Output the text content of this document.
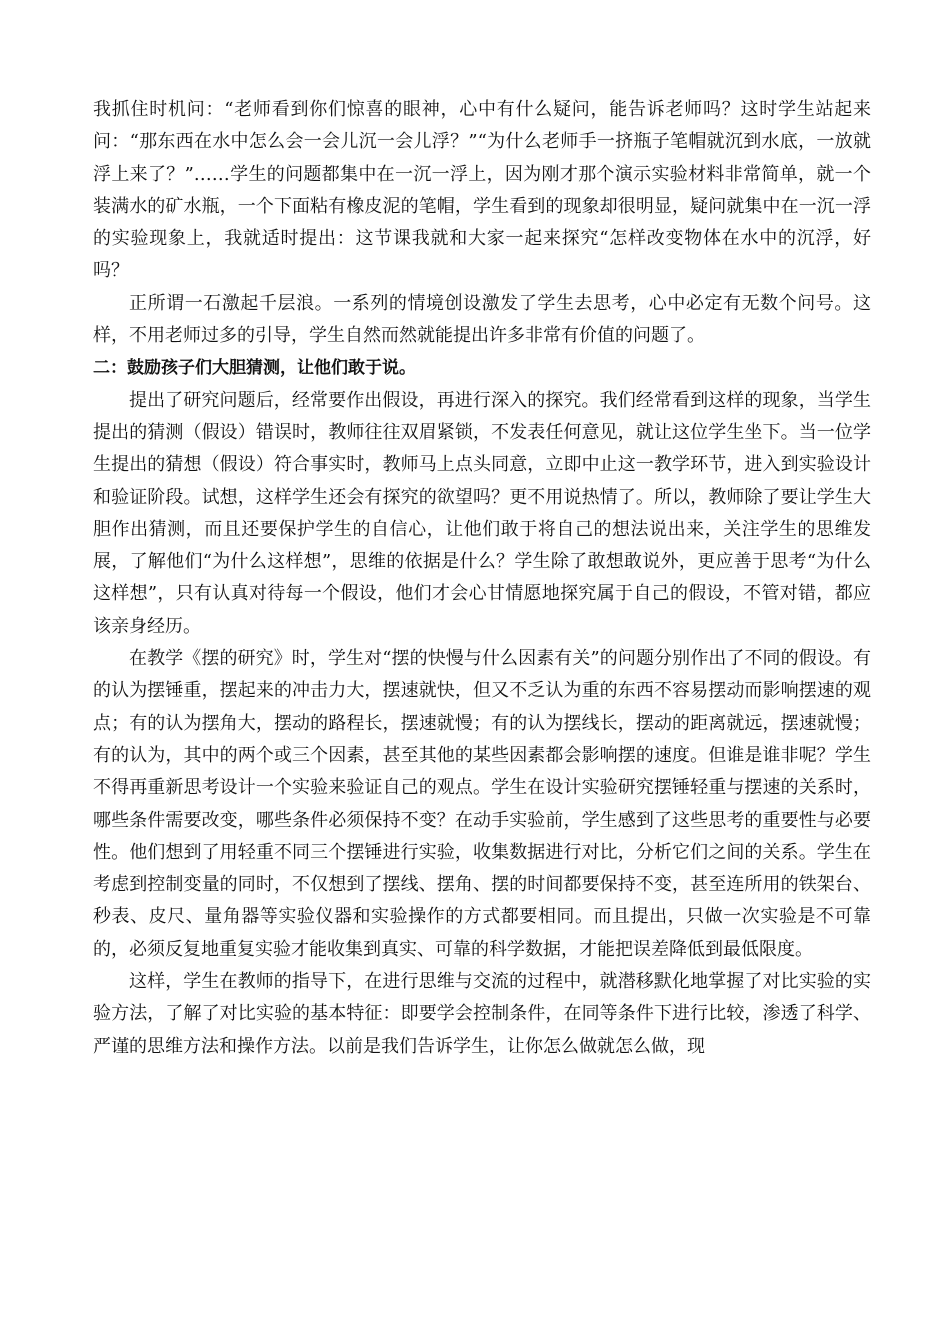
我抓住时机问：“老师看到你们惊喜的眼神，心中有什么疑问，能告诉老师吗？这时学生站起来问：“那东西在水中怎么会一会儿沉一会儿浮？”“为什么老师手一挤瓶子笔帽就沉到水底，一放就浮上来了？”……学生的问题都集中在一沉一浮上，因为刚才那个演示实验材料非常简单，就一个装满水的矿水瓶，一个下面粘有橡皮泥的笔帽，学生看到的现象却很明显，疑问就集中在一沉一浮的实验现象上，我就适时提出：这节课我就和大家一起来探究“怎样改变物体在水中的沉浮，好吗？

正所谓一石激起千层浪。一系列的情境创设激发了学生去思考，心中必定有无数个问号。这样，不用老师过多的引导，学生自然而然就能提出许多非常有价值的问题了。

二：鼓励孩子们大胆猜测，让他们敢于说。

提出了研究问题后，经常要作出假设，再进行深入的探究。我们经常看到这样的现象，当学生提出的猜测（假设）错误时，教师往往双眉紧锁，不发表任何意见，就让这位学生坐下。当一位学生提出的猜想（假设）符合事实时，教师马上点头同意，立即中止这一教学环节，进入到实验设计和验证阶段。试想，这样学生还会有探究的欲望吗？更不用说热情了。所以，教师除了要让学生大胆作出猜测，而且还要保护学生的自信心，让他们敢于将自己的想法说出来，关注学生的思维发展，了解他们“为什么这样想”，思维的依据是什么？学生除了敢想敢说外，更应善于思考“为什么这样想”，只有认真对待每一个假设，他们才会心甘情愿地探究属于自己的假设，不管对错，都应该亲身经历。

在教学《摆的研究》时，学生对“摆的快慢与什么因素有关”的问题分别作出了不同的假设。有的认为摆锤重，摆起来的冲击力大，摆速就快，但又不乏认为重的东西不容易摆动而影响摆速的观点；有的认为摆角大，摆动的路程长，摆速就慢；有的认为摆线长，摆动的距离就远，摆速就慢；有的认为，其中的两个或三个因素，甚至其他的某些因素都会影响摆的速度。但谁是谁非呢？学生不得再重新思考设计一个实验来验证自己的观点。学生在设计实验研究摆锤轻重与摆速的关系时，哪些条件需要改变，哪些条件必须保持不变？在动手实验前，学生感到了这些思考的重要性与必要性。他们想到了用轻重不同三个摆锤进行实验，收集数据进行对比，分析它们之间的关系。学生在考虑到控制变量的同时，不仅想到了摆线、摆角、摆的时间都要保持不变，甚至连所用的铁架台、秒表、皮尺、量角器等实验仪器和实验操作的方式都要相同。而且提出，只做一次实验是不可靠的，必须反复地重复实验才能收集到真实、可靠的科学数据，才能把误差降低到最低限度。

这样，学生在教师的指导下，在进行思维与交流的过程中，就潜移默化地掌握了对比实验的实验方法，了解了对比实验的基本特征：即要学会控制条件，在同等条件下进行比较，渗透了科学、严谨的思维方法和操作方法。以前是我们告诉学生，让你怎么做就怎么做，现
